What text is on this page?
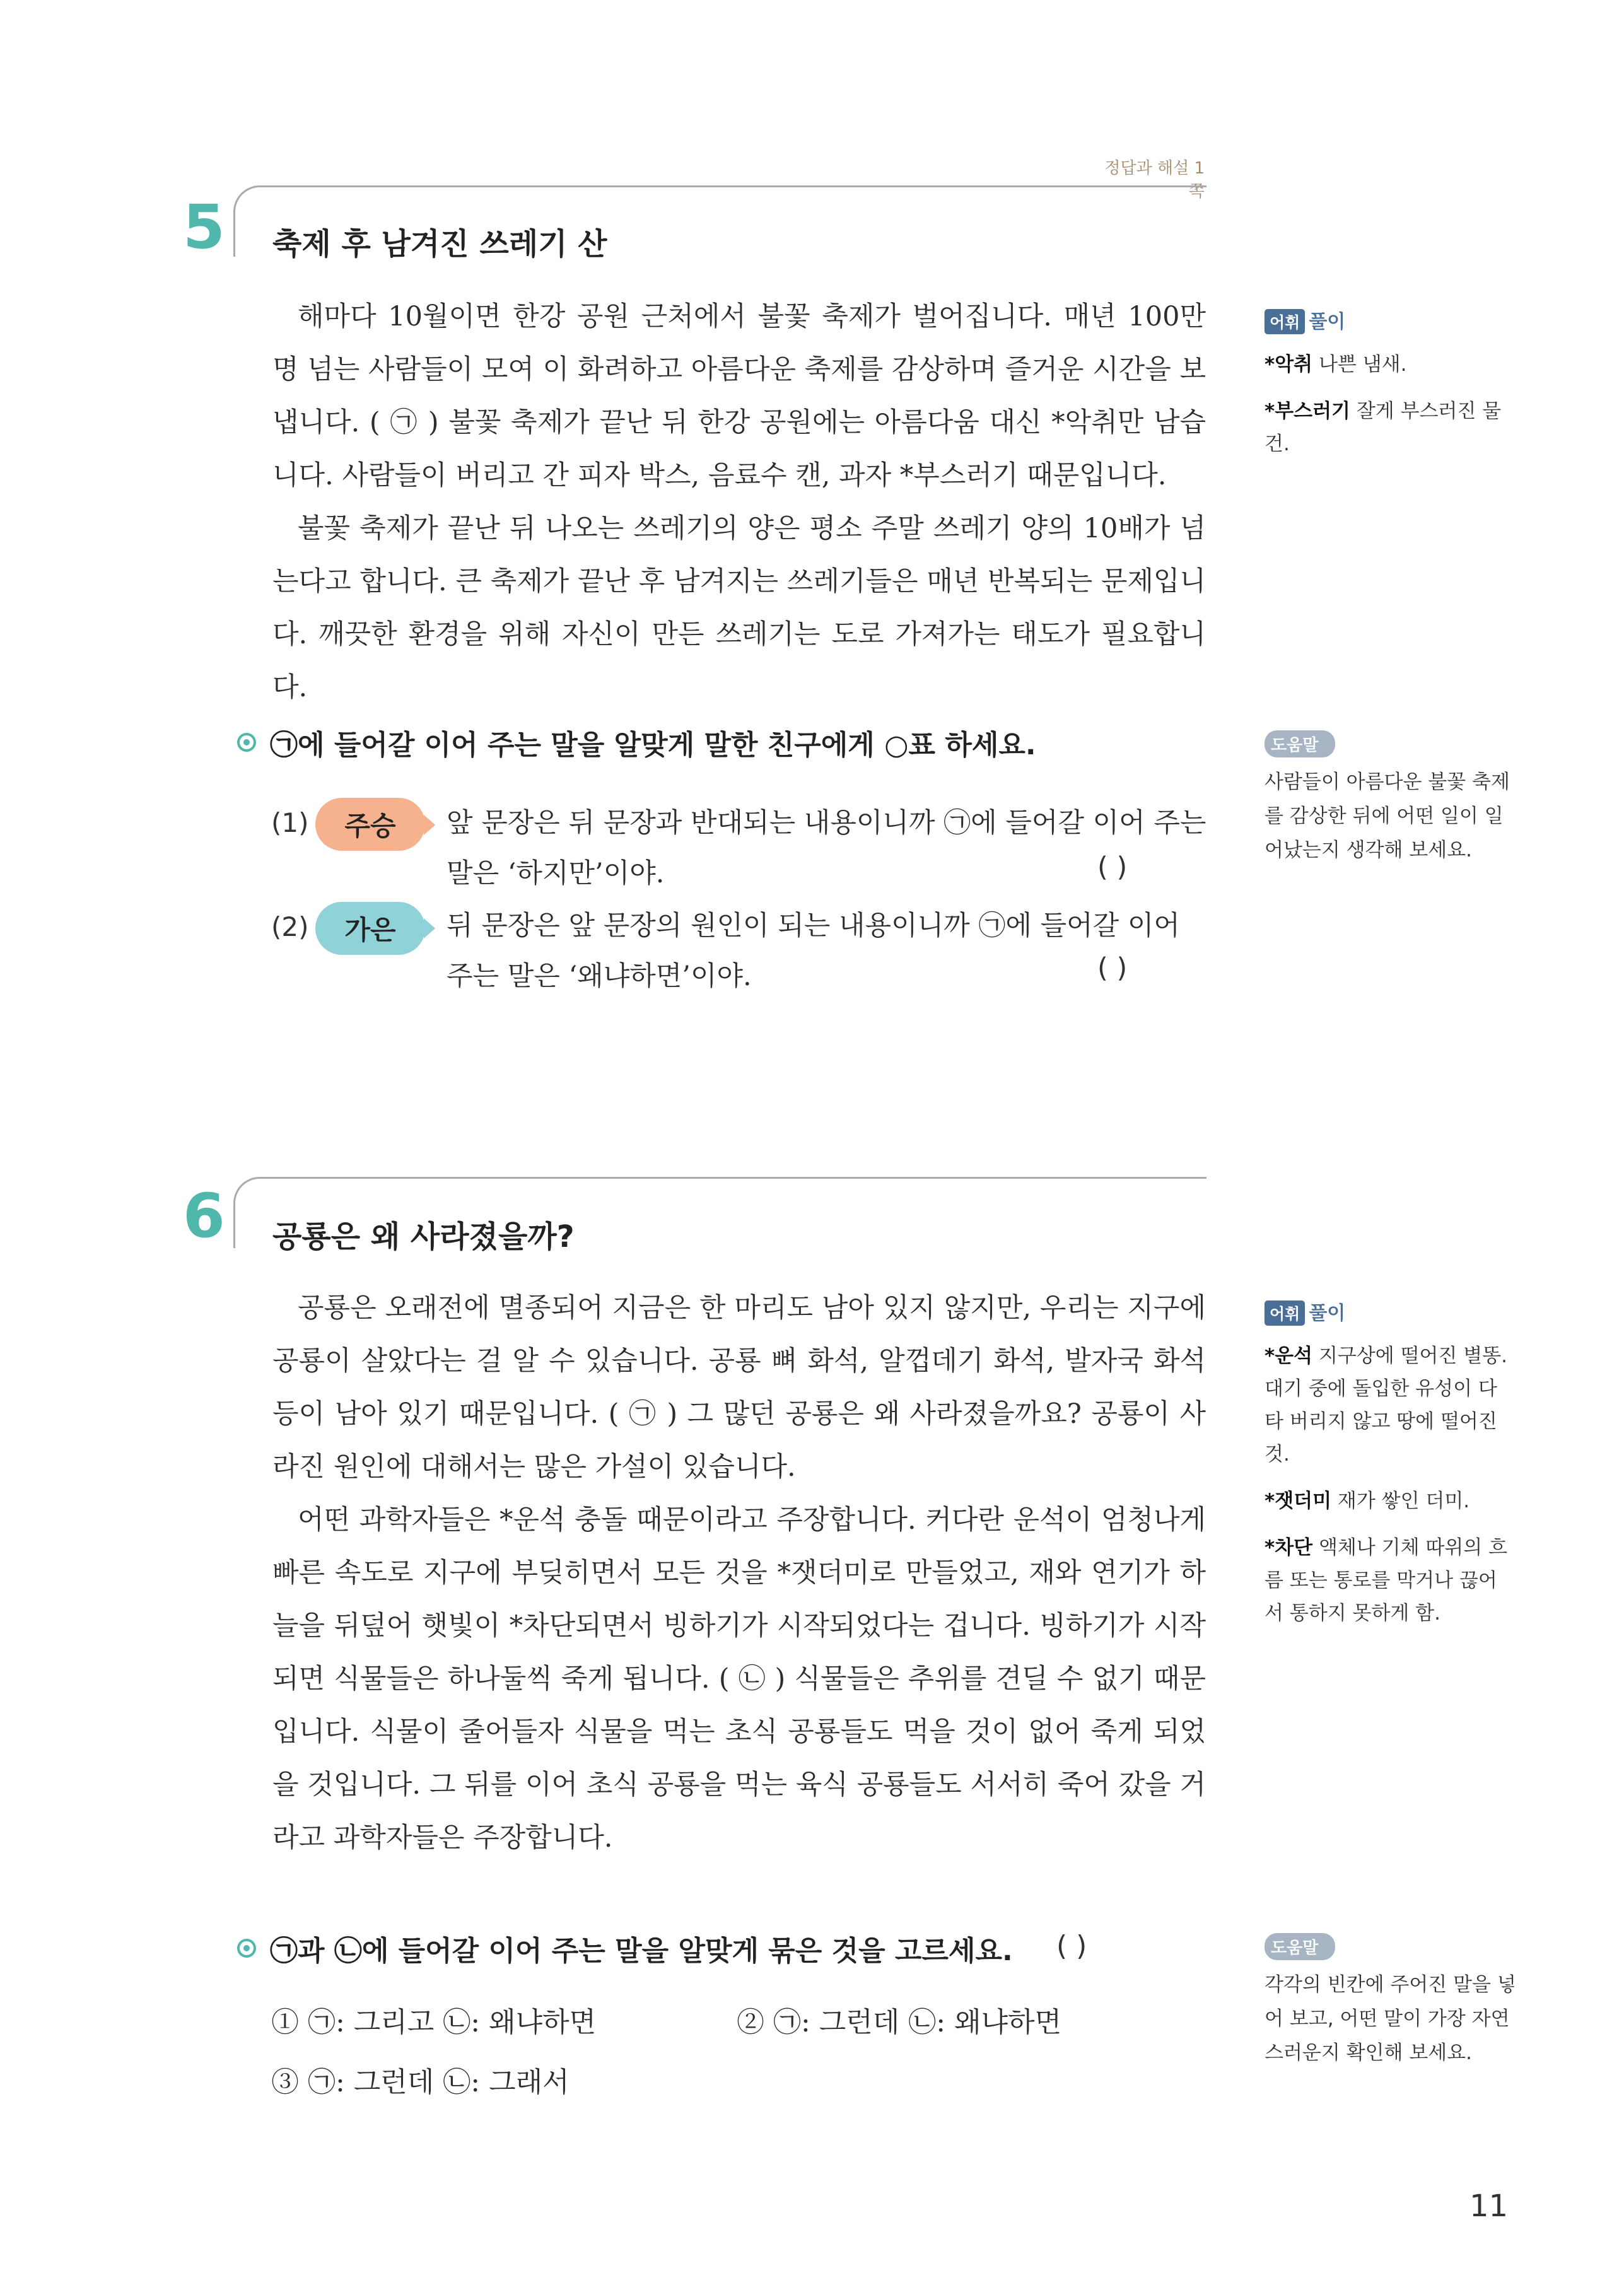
정답과 해설 1쪽
5 축제 후 남겨진 쓰레기 산

해마다 10월이면 한강 공원 근처에서 불꽃 축제가 벌어집니다. 매년 100만 명 넘는 사람들이 모여 이 화려하고 아름다운 축제를 감상하며 즐거운 시간을 보냅니다. ( ㉠ ) 불꽃 축제가 끝난 뒤 한강 공원에는 아름다움 대신 *악취만 남습니다. 사람들이 버리고 간 피자 박스, 음료수 캔, 과자 *부스러기 때문입니다.

불꽃 축제가 끝난 뒤 나오는 쓰레기의 양은 평소 주말 쓰레기 양의 10배가 넘는다고 합니다. 큰 축제가 끝난 후 남겨지는 쓰레기들은 매년 반복되는 문제입니다. 깨끗한 환경을 위해 자신이 만든 쓰레기는 도로 가져가는 태도가 필요합니다.

어휘 풀이
*악취 나쁜 냄새.
*부스러기 잘게 부스러진 물건.
㉠에 들어갈 이어 주는 말을 알맞게 말한 친구에게 ○표 하세요.	도움말 ▸
사람들이 아름다운 불꽃 축제를 감상한 뒤에 어떤 일이 일어났는지 생각해 보세요.
(1)	주승	앞 문장은 뒤 문장과 반대되는 내용이니까 ㉠에 들어갈 이어 주는 말은 ‘하지만’이야.	( )
(2)	가은	뒤 문장은 앞 문장의 원인이 되는 내용이니까 ㉠에 들어갈 이어 주는 말은 ‘왜냐하면’이야.	( )
6 공룡은 왜 사라졌을까?

공룡은 오래전에 멸종되어 지금은 한 마리도 남아 있지 않지만, 우리는 지구에 공룡이 살았다는 걸 알 수 있습니다. 공룡 뼈 화석, 알껍데기 화석, 발자국 화석 등이 남아 있기 때문입니다. ( ㉠ ) 그 많던 공룡은 왜 사라졌을까요? 공룡이 사라진 원인에 대해서는 많은 가설이 있습니다.

어떤 과학자들은 *운석 충돌 때문이라고 주장합니다. 커다란 운석이 엄청나게 빠른 속도로 지구에 부딪히면서 모든 것을 *잿더미로 만들었고, 재와 연기가 하늘을 뒤덮어 햇빛이 *차단되면서 빙하기가 시작되었다는 겁니다. 빙하기가 시작되면 식물들은 하나둘씩 죽게 됩니다. ( ㉡ ) 식물들은 추위를 견딜 수 없기 때문입니다. 식물이 줄어들자 식물을 먹는 초식 공룡들도 먹을 것이 없어 죽게 되었을 것입니다. 그 뒤를 이어 초식 공룡을 먹는 육식 공룡들도 서서히 죽어 갔을 거라고 과학자들은 주장합니다.

어휘 풀이
*운석 지구상에 떨어진 별똥. 대기 중에 돌입한 유성이 다 타 버리지 않고 땅에 떨어진 것.
*잿더미 재가 쌓인 더미.
*차단 액체나 기체 따위의 흐름 또는 통로를 막거나 끊어서 통하지 못하게 함.
㉠과 ㉡에 들어갈 이어 주는 말을 알맞게 묶은 것을 고르세요. ( )	도움말 ▸
각각의 빈칸에 주어진 말을 넣어 보고, 어떤 말이 가장 자연스러운지 확인해 보세요.
① ㉠: 그리고 ㉡: 왜냐하면	② ㉠: 그런데 ㉡: 왜냐하면
③ ㉠: 그런데 ㉡: 그래서
11
